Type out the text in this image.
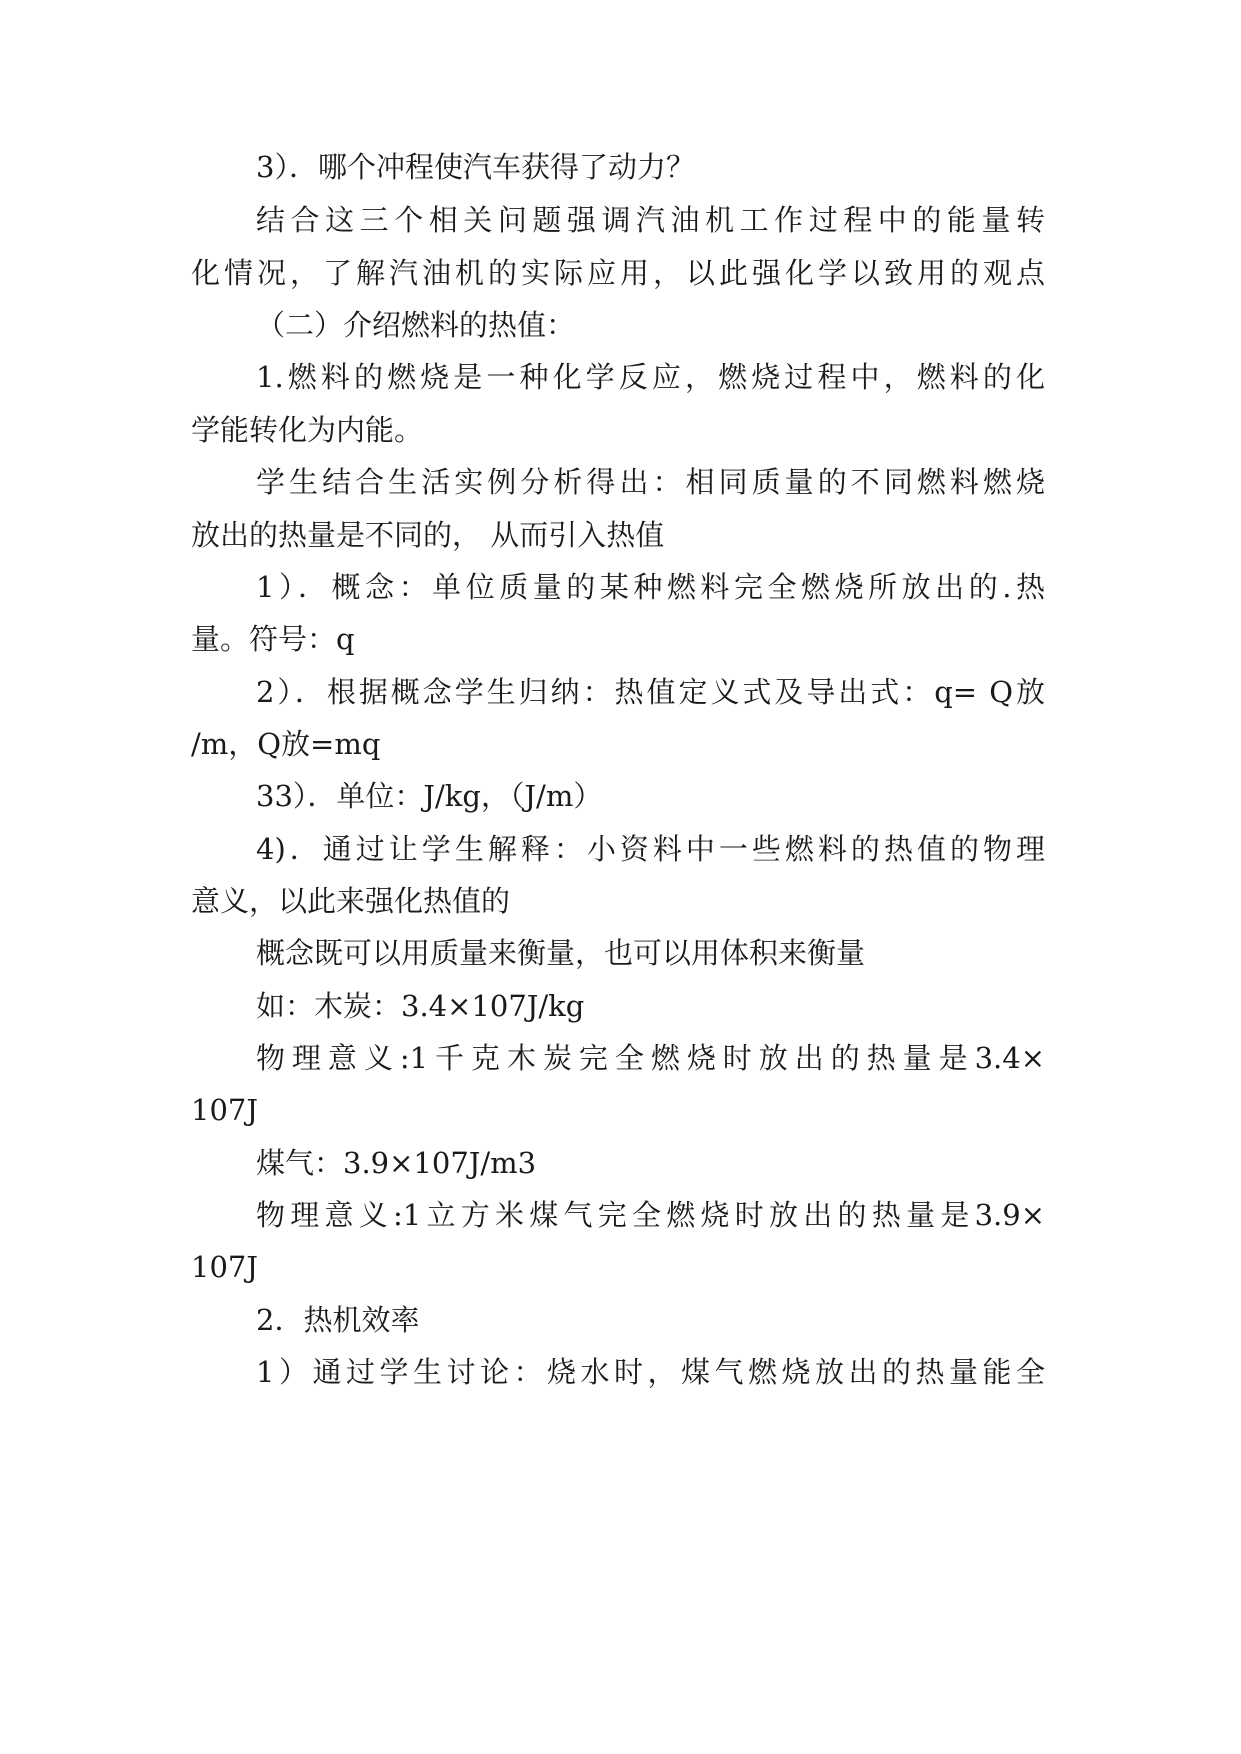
3）．哪个冲程使汽车获得了动力？
结合这三个相关问题强调汽油机工作过程中的能量转
化情况，了解汽油机的实际应用，以此强化学以致用的观点
（二）介绍燃料的热值：
1.燃料的燃烧是一种化学反应，燃烧过程中，燃料的化
学能转化为内能。
学生结合生活实例分析得出：相同质量的不同燃料燃烧
放出的热量是不同的， 从而引入热值
1）．概念：单位质量的某种燃料完全燃烧所放出的.热
量。符号：q
2）．根据概念学生归纳：热值定义式及导出式：q= Q放
/m，Q放=mq
33）．单位：J/kg，（J/m）
4)．通过让学生解释：小资料中一些燃料的热值的物理
意义，以此来强化热值的
概念既可以用质量来衡量，也可以用体积来衡量
如：木炭：3.4×107J/kg
物理意义:1千克木炭完全燃烧时放出的热量是3.4×
107J
煤气：3.9×107J/m3
物理意义:1立方米煤气完全燃烧时放出的热量是3.9×
107J
2．热机效率
1）通过学生讨论：烧水时，煤气燃烧放出的热量能全
